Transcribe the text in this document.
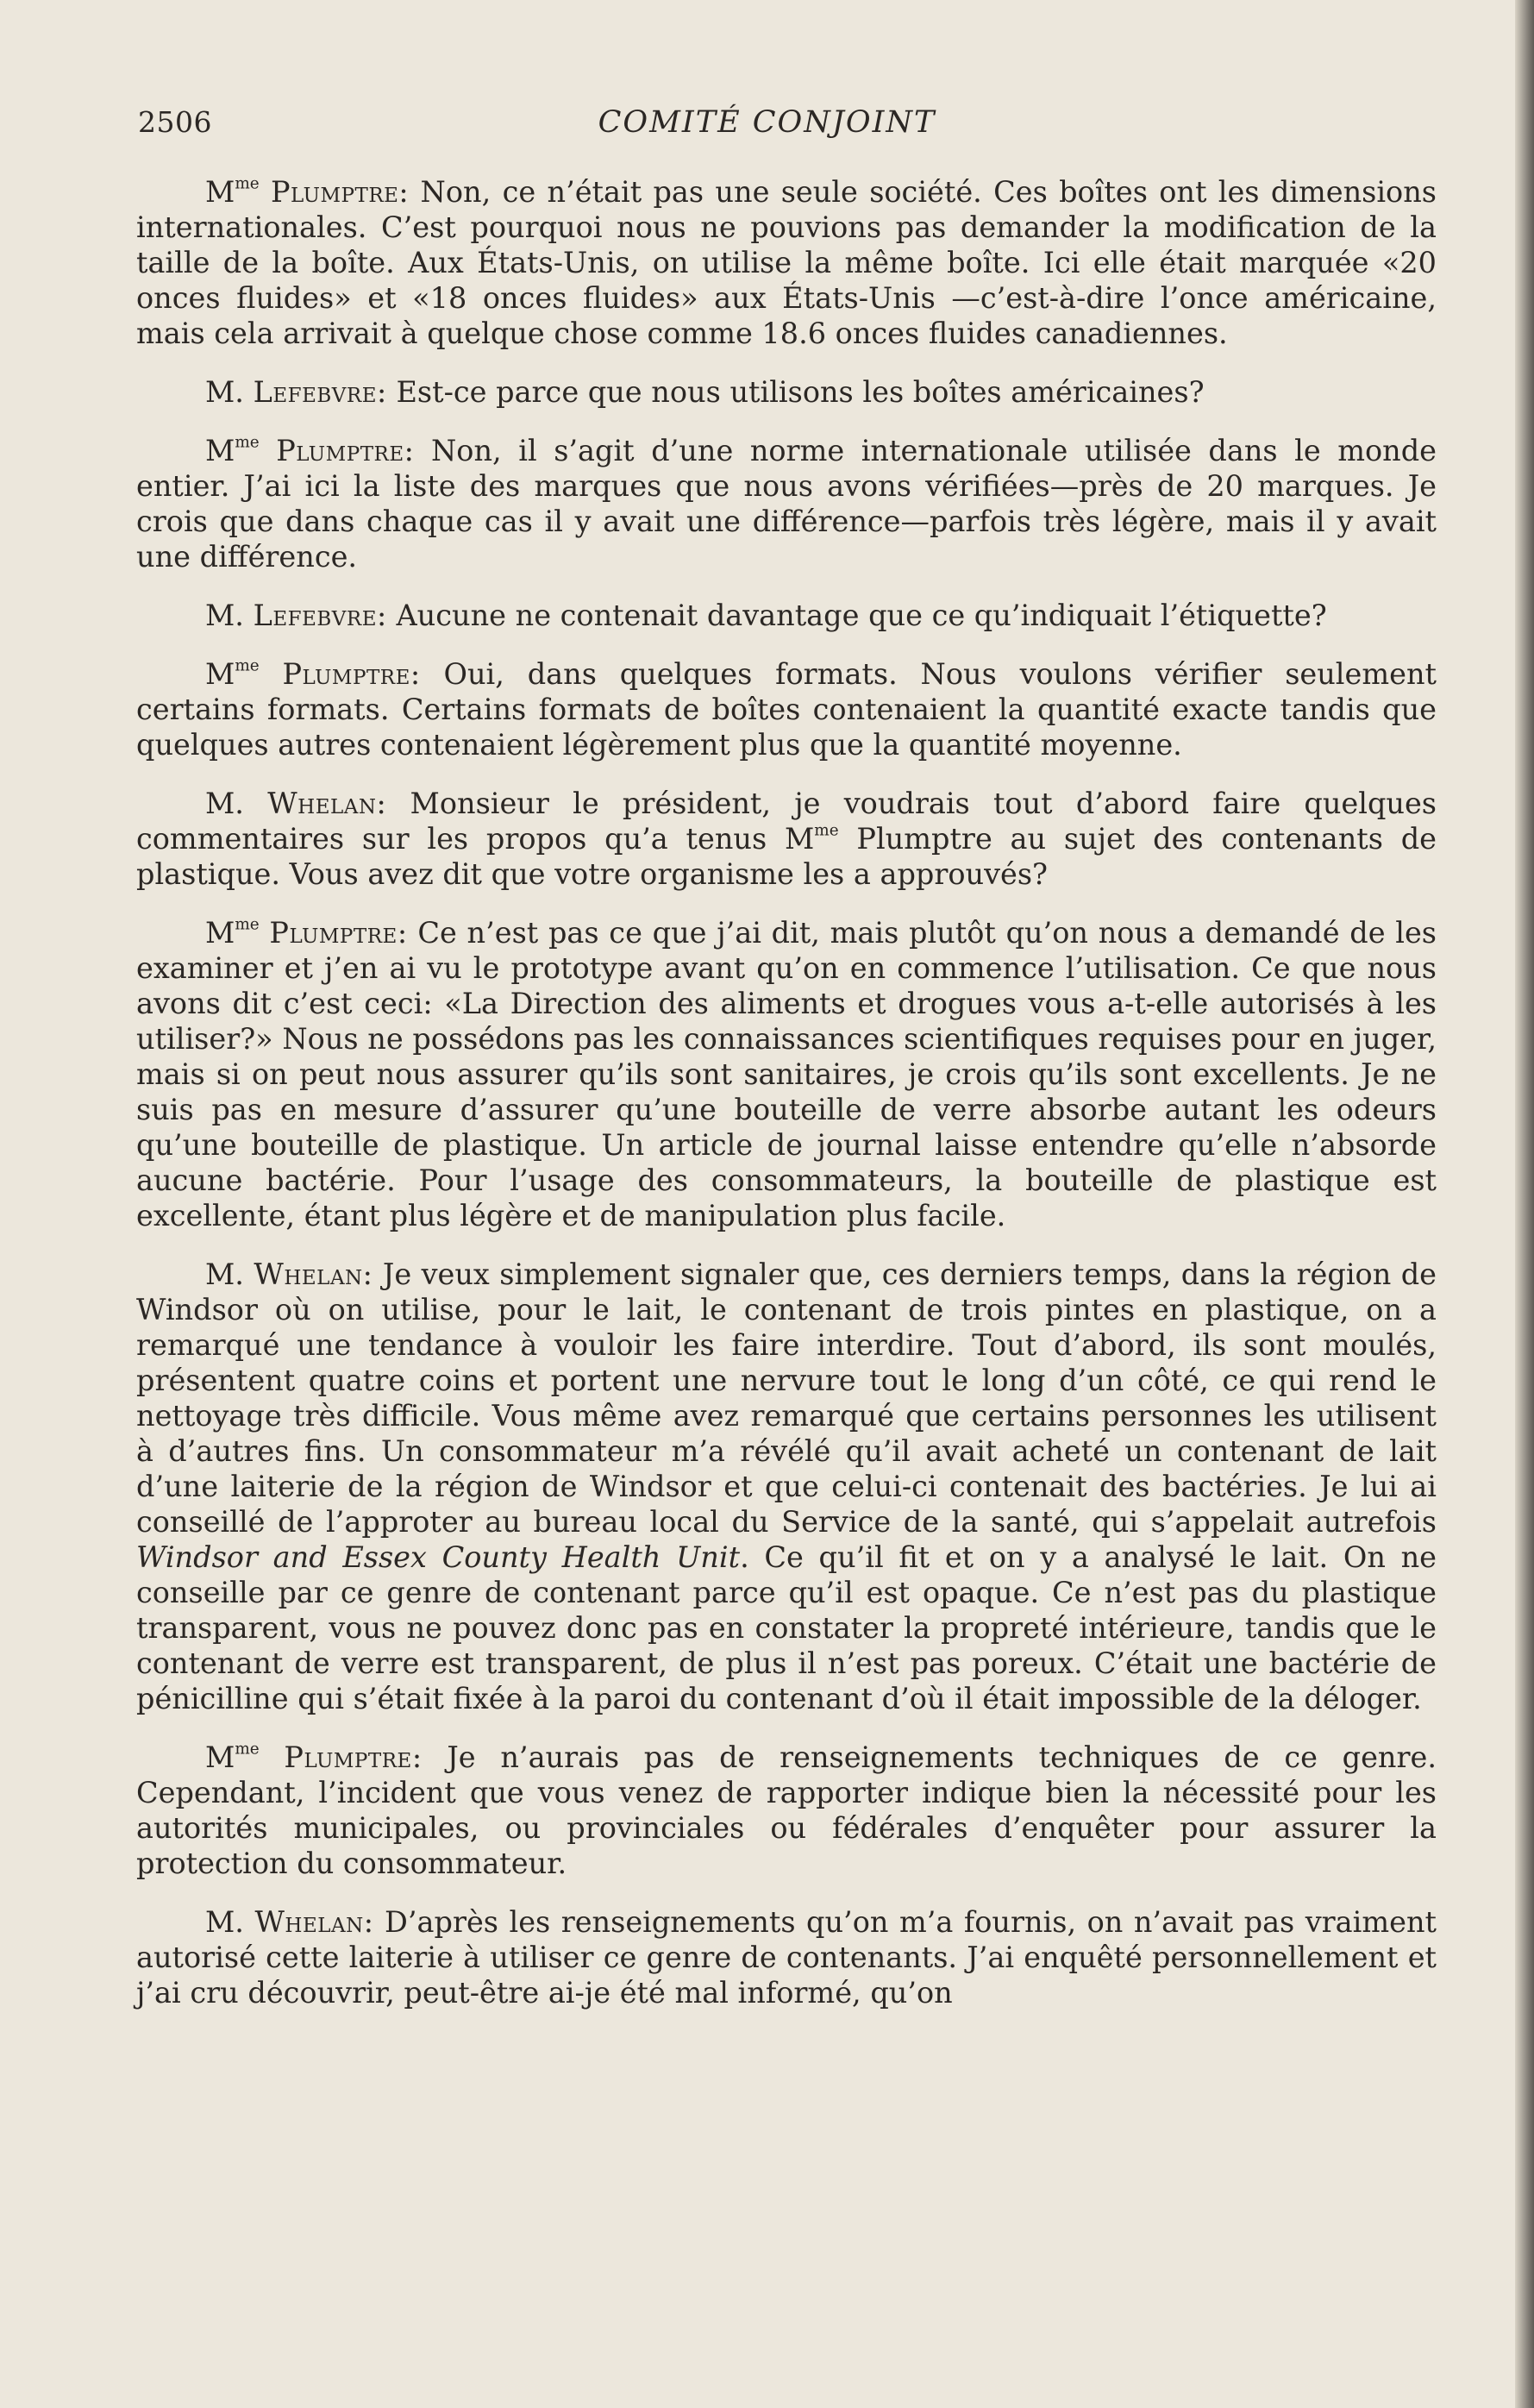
2506	COMITÉ CONJOINT

$M^{me}$ Plumptre: Non, ce n’était pas une seule société. Ces boîtes ont les dimensions internationales. C’est pourquoi nous ne pouvions pas demander la modification de la taille de la boîte. Aux États-Unis, on utilise la même boîte. Ici elle était marquée «20 onces fluides» et «18 onces fluides» aux États-Unis —c’est-à-dire l’once américaine, mais cela arrivait à quelque chose comme 18.6 onces fluides canadiennes.

M. Lefebvre: Est-ce parce que nous utilisons les boîtes américaines?

$M^{me}$ Plumptre: Non, il s’agit d’une norme internationale utilisée dans le monde entier. J’ai ici la liste des marques que nous avons vérifiées—près de 20 marques. Je crois que dans chaque cas il y avait une différence—parfois très légère, mais il y avait une différence.

M. Lefebvre: Aucune ne contenait davantage que ce qu’indiquait l’étiquette?

$M^{me}$ Plumptre: Oui, dans quelques formats. Nous voulons vérifier seulement certains formats. Certains formats de boîtes contenaient la quantité exacte tandis que quelques autres contenaient légèrement plus que la quantité moyenne.

M. Whelan: Monsieur le président, je voudrais tout d’abord faire quelques commentaires sur les propos qu’a tenus $M^{me}$ Plumptre au sujet des contenants de plastique. Vous avez dit que votre organisme les a approuvés?

$M^{me}$ Plumptre: Ce n’est pas ce que j’ai dit, mais plutôt qu’on nous a demandé de les examiner et j’en ai vu le prototype avant qu’on en commence l’utilisation. Ce que nous avons dit c’est ceci: «La Direction des aliments et drogues vous a-t-elle autorisés à les utiliser?» Nous ne possédons pas les connaissances scientifiques requises pour en juger, mais si on peut nous assurer qu’ils sont sanitaires, je crois qu’ils sont excellents. Je ne suis pas en mesure d’assurer qu’une bouteille de verre absorbe autant les odeurs qu’une bouteille de plastique. Un article de journal laisse entendre qu’elle n’absorde aucune bactérie. Pour l’usage des consommateurs, la bouteille de plastique est excellente, étant plus légère et de manipulation plus facile.

M. Whelan: Je veux simplement signaler que, ces derniers temps, dans la région de Windsor où on utilise, pour le lait, le contenant de trois pintes en plastique, on a remarqué une tendance à vouloir les faire interdire. Tout d’abord, ils sont moulés, présentent quatre coins et portent une nervure tout le long d’un côté, ce qui rend le nettoyage très difficile. Vous même avez remarqué que certains personnes les utilisent à d’autres fins. Un consommateur m’a révélé qu’il avait acheté un contenant de lait d’une laiterie de la région de Windsor et que celui-ci contenait des bactéries. Je lui ai conseillé de l’approter au bureau local du Service de la santé, qui s’appelait autrefois Windsor and Essex County Health Unit. Ce qu’il fit et on y a analysé le lait. On ne conseille par ce genre de contenant parce qu’il est opaque. Ce n’est pas du plastique transparent, vous ne pouvez donc pas en constater la propreté intérieure, tandis que le contenant de verre est transparent, de plus il n’est pas poreux. C’était une bactérie de pénicilline qui s’était fixée à la paroi du contenant d’où il était impossible de la déloger.

$M^{me}$ Plumptre: Je n’aurais pas de renseignements techniques de ce genre. Cependant, l’incident que vous venez de rapporter indique bien la nécessité pour les autorités municipales, ou provinciales ou fédérales d’enquêter pour assurer la protection du consommateur.

M. Whelan: D’après les renseignements qu’on m’a fournis, on n’avait pas vraiment autorisé cette laiterie à utiliser ce genre de contenants. J’ai enquêté personnellement et j’ai cru découvrir, peut-être ai-je été mal informé, qu’on
